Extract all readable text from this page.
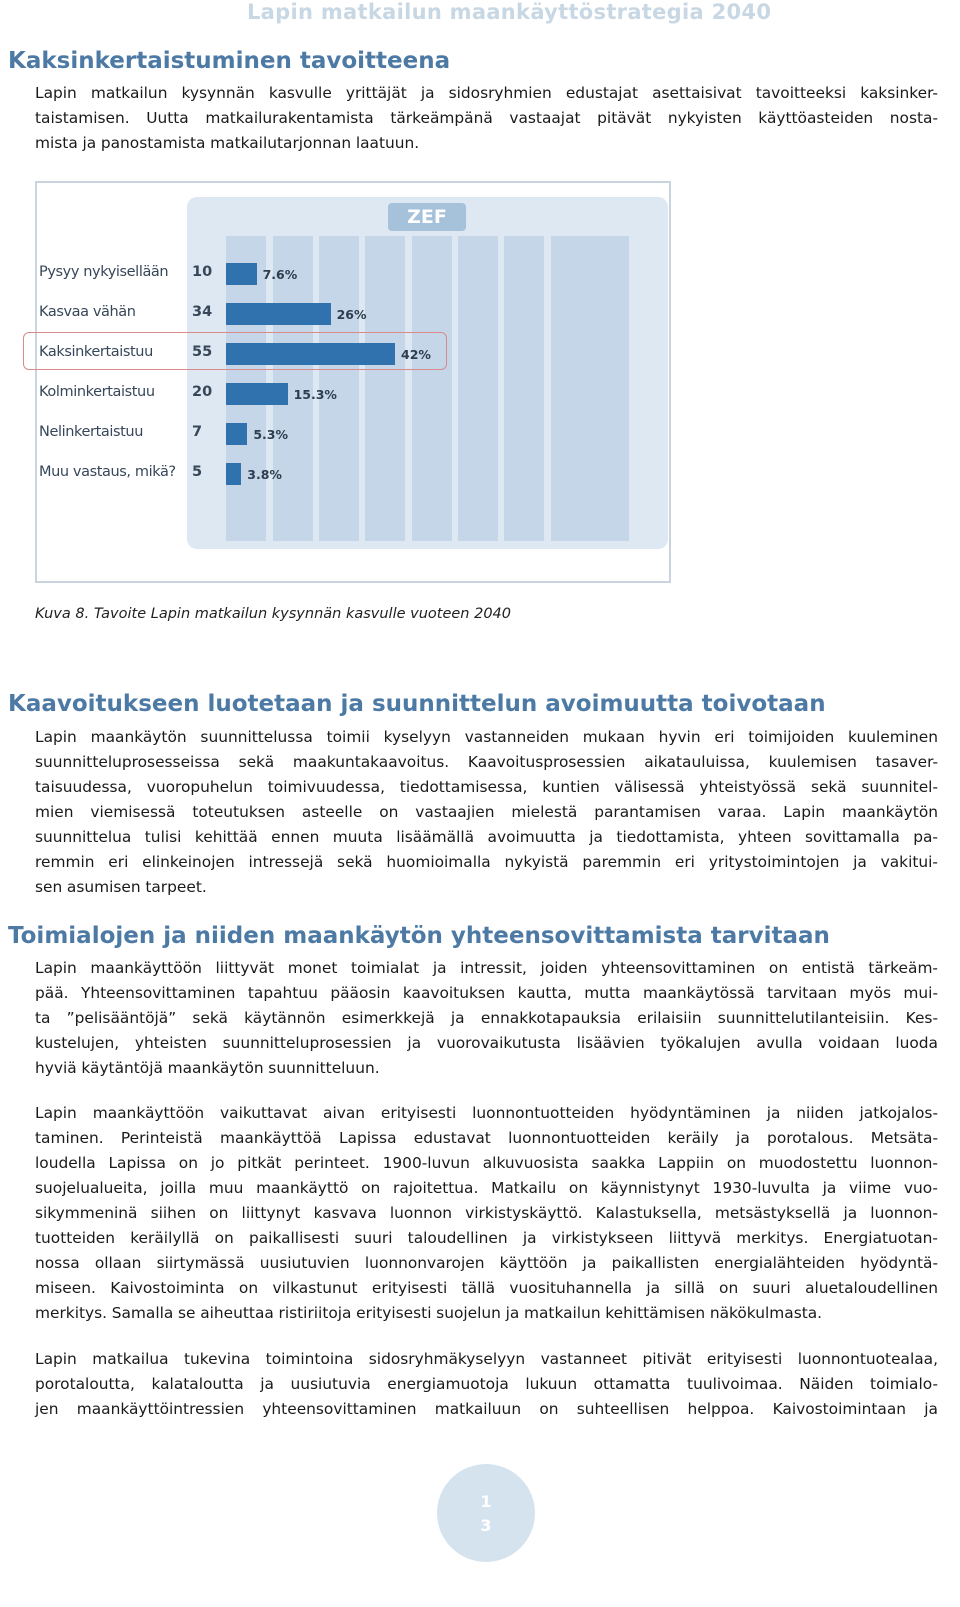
Lapin matkailun maankäyttöstrategia 2040
Kaksinkertaistuminen tavoitteena

Lapin matkailun kysynnän kasvulle yrittäjät ja sidosryhmien edustajat asettaisivat tavoitteeksi kaksinker-

taistamisen. Uutta matkailurakentamista tärkeämpänä vastaajat pitävät nykyisten käyttöasteiden nosta-

mista ja panostamista matkailutarjonnan laatuun.

ZEF
Pysyy nykyisellään 10	7.6%
Kasvaa vähän	34	26%
Kaksinkertaistuu	55	42%
Kolminkertaistuu	20	15.3%
Nelinkertaistuu	7	5.3%
Muu vastaus, mikä? 5	3.8%
Kuva 8. Tavoite Lapin matkailun kysynnän kasvulle vuoteen 2040
Kaavoitukseen luotetaan ja suunnittelun avoimuutta toivotaan

Lapin maankäytön suunnittelussa toimii kyselyyn vastanneiden mukaan hyvin eri toimijoiden kuuleminen

suunnitteluprosesseissa sekä maakuntakaavoitus. Kaavoitusprosessien aikatauluissa, kuulemisen tasaver-

taisuudessa, vuoropuhelun toimivuudessa, tiedottamisessa, kuntien välisessä yhteistyössä sekä suunnitel-

mien viemisessä toteutuksen asteelle on vastaajien mielestä parantamisen varaa. Lapin maankäytön

suunnittelua tulisi kehittää ennen muuta lisäämällä avoimuutta ja tiedottamista, yhteen sovittamalla pa-

remmin eri elinkeinojen intressejä sekä huomioimalla nykyistä paremmin eri yritystoimintojen ja vakitui-

sen asumisen tarpeet.

Toimialojen ja niiden maankäytön yhteensovittamista tarvitaan

Lapin maankäyttöön liittyvät monet toimialat ja intressit, joiden yhteensovittaminen on entistä tärkeäm-

pää. Yhteensovittaminen tapahtuu pääosin kaavoituksen kautta, mutta maankäytössä tarvitaan myös mui-

ta ”pelisääntöjä” sekä käytännön esimerkkejä ja ennakkotapauksia erilaisiin suunnittelutilanteisiin. Kes-

kustelujen, yhteisten suunnitteluprosessien ja vuorovaikutusta lisäävien työkalujen avulla voidaan luoda

hyviä käytäntöjä maankäytön suunnitteluun.

Lapin maankäyttöön vaikuttavat aivan erityisesti luonnontuotteiden hyödyntäminen ja niiden jatkojalos-

taminen. Perinteistä maankäyttöä Lapissa edustavat luonnontuotteiden keräily ja porotalous. Metsäta-

loudella Lapissa on jo pitkät perinteet. 1900-luvun alkuvuosista saakka Lappiin on muodostettu luonnon-

suojelualueita, joilla muu maankäyttö on rajoitettua. Matkailu on käynnistynyt 1930-luvulta ja viime vuo-

sikymmeninä siihen on liittynyt kasvava luonnon virkistyskäyttö. Kalastuksella, metsästyksellä ja luonnon-

tuotteiden keräilyllä on paikallisesti suuri taloudellinen ja virkistykseen liittyvä merkitys. Energiatuotan-

nossa ollaan siirtymässä uusiutuvien luonnonvarojen käyttöön ja paikallisten energialähteiden hyödyntä-

miseen. Kaivostoiminta on vilkastunut erityisesti tällä vuosituhannella ja sillä on suuri aluetaloudellinen

merkitys. Samalla se aiheuttaa ristiriitoja erityisesti suojelun ja matkailun kehittämisen näkökulmasta.

Lapin matkailua tukevina toimintoina sidosryhmäkyselyyn vastanneet pitivät erityisesti luonnontuotealaa,

porotaloutta, kalataloutta ja uusiutuvia energiamuotoja lukuun ottamatta tuulivoimaa. Näiden toimialo-

jen maankäyttöintressien yhteensovittaminen matkailuun on suhteellisen helppoa. Kaivostoimintaan ja

1
3
